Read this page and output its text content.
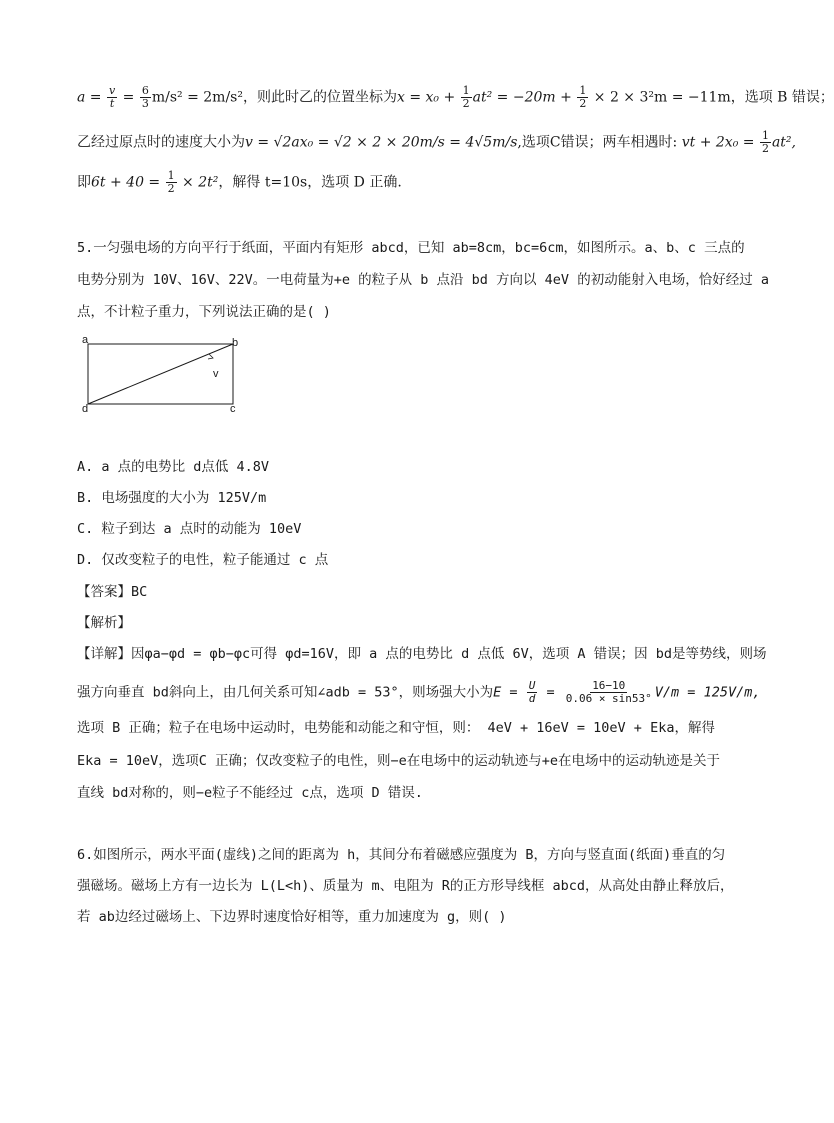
$a = \frac{v}{t} = \frac{6}{3} m/s^2 = 2m/s^2$，则此时乙的位置坐标为$x = x_0 + \frac{1}{2} at^2 = -20m + \frac{1}{2} \times 2 \times 3^2m = -11m$，选项 B 错误；
乙经过原点时的速度大小为v = √2ax₀ = √2 × 2 × 20m/s = 4√5m/s,选项C错误；两车相遇时: vt + $2x_0 = \frac{1}{2} at^2$,
即$6t + 40 = \frac{1}{2} \times 2t^2$，解得 t=10s，选项 D 正确.
5.一匀强电场的方向平行于纸面，平面内有矩形 abcd，已知 ab=8cm，bc=6cm，如图所示。a、b、c 三点的
电势分别为 10V、16V、22V。一电荷量为+e 的粒子从 b 点沿 bd 方向以 4eV 的初动能射入电场，恰好经过 a
点，不计粒子重力，下列说法正确的是( )
a	b
c
d
v
A. a 点的电势比 d点低 4.8V
B. 电场强度的大小为 125V/m
C. 粒子到达 a 点时的动能为 10eV
D. 仅改变粒子的电性，粒子能通过 c 点
【答案】BC
【解析】
【详解】因φa−φd = φb−φc可得 φd=16V，即 a 点的电势比 d 点低 6V，选项 A 错误；因 bd是等势线，则场
强方向垂直 bd斜向上，由几何关系可知∠adb = 53°，则场强大小为$E = \frac{U}{d} = \frac{16-10}{0.06 \times \sin 53^\circ} V/m = 125V/m$,
选项 B 正确；粒子在电场中运动时，电势能和动能之和守恒，则： 4eV + 16eV = 10eV + Eka，解得
Eka = 10eV，选项C 正确；仅改变粒子的电性，则−e在电场中的运动轨迹与+e在电场中的运动轨迹是关于
直线 bd对称的，则−e粒子不能经过 c点，选项 D 错误.
6.如图所示，两水平面(虚线)之间的距离为 h，其间分布着磁感应强度为 B，方向与竖直面(纸面)垂直的匀
强磁场。磁场上方有一边长为 L(L<h)、质量为 m、电阻为 R的正方形导线框 abcd，从高处由静止释放后，
若 ab边经过磁场上、下边界时速度恰好相等，重力加速度为 g，则( )
